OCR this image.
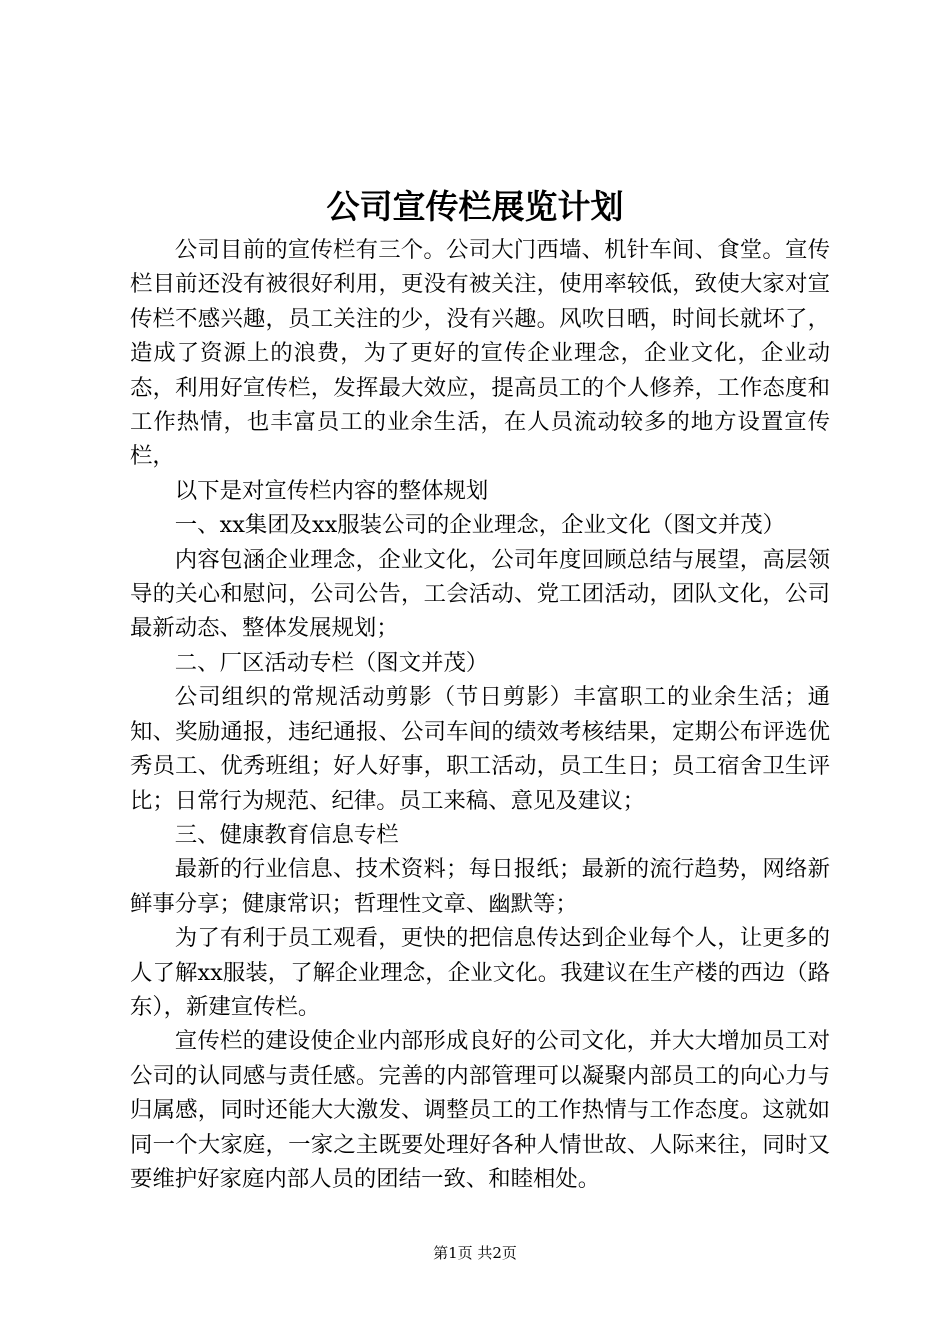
公司宣传栏展览计划

公司目前的宣传栏有三个。公司大门西墙、机针车间、食堂。宣传栏目前还没有被很好利用，更没有被关注，使用率较低，致使大家对宣传栏不感兴趣，员工关注的少，没有兴趣。风吹日晒，时间长就坏了，造成了资源上的浪费，为了更好的宣传企业理念，企业文化，企业动态，利用好宣传栏，发挥最大效应，提高员工的个人修养，工作态度和工作热情，也丰富员工的业余生活，在人员流动较多的地方设置宣传栏，

以下是对宣传栏内容的整体规划

一、xx集团及xx服装公司的企业理念，企业文化（图文并茂）

内容包涵企业理念，企业文化，公司年度回顾总结与展望，高层领导的关心和慰问，公司公告，工会活动、党工团活动，团队文化，公司最新动态、整体发展规划；

二、厂区活动专栏（图文并茂）

公司组织的常规活动剪影（节日剪影）丰富职工的业余生活；通知、奖励通报，违纪通报、公司车间的绩效考核结果，定期公布评选优秀员工、优秀班组；好人好事，职工活动，员工生日；员工宿舍卫生评比；日常行为规范、纪律。员工来稿、意见及建议；

三、健康教育信息专栏

最新的行业信息、技术资料；每日报纸；最新的流行趋势，网络新鲜事分享；健康常识；哲理性文章、幽默等；

为了有利于员工观看，更快的把信息传达到企业每个人，让更多的人了解xx服装，了解企业理念，企业文化。我建议在生产楼的西边（路东），新建宣传栏。

宣传栏的建设使企业内部形成良好的公司文化，并大大增加员工对公司的认同感与责任感。完善的内部管理可以凝聚内部员工的向心力与归属感，同时还能大大激发、调整员工的工作热情与工作态度。这就如同一个大家庭，一家之主既要处理好各种人情世故、人际来往，同时又要维护好家庭内部人员的团结一致、和睦相处。

第1页 共2页
